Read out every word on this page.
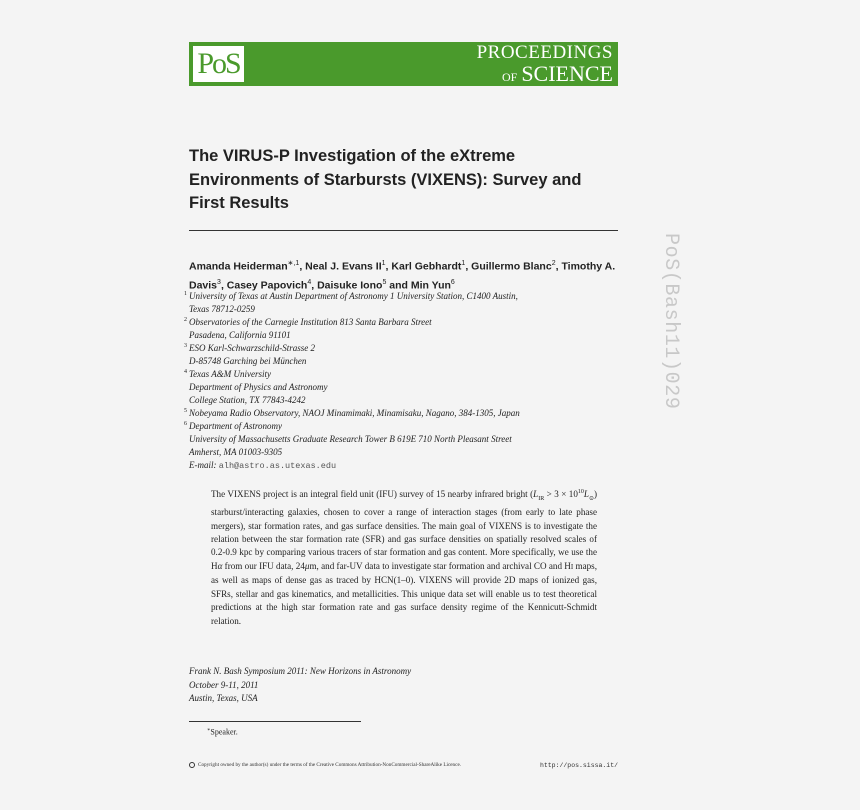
PoS	PROCEEDINGS
OF SCIENCE
The VIRUS-P Investigation of the eXtreme Environments of Starbursts (VIXENS): Survey and First Results
Amanda Heiderman$^{∗,1}$, Neal J. Evans $II^1$, Karl Gebhardt$^1$, Guillermo Blanc$^2$, Timothy A. Davis$^3$, Casey Papovich$^4$, Daisuke Iono$^5$ and Min Yun$^6$
1 University of Texas at Austin Department of Astronomy 1 University Station, C1400 Austin,
Texas 78712-0259
2 Observatories of the Carnegie Institution 813 Santa Barbara Street
Pasadena, California 91101
3 ESO Karl-Schwarzschild-Strasse 2
D-85748 Garching bei München
4 Texas A&M University
Department of Physics and Astronomy
College Station, TX 77843-4242
5 Nobeyama Radio Observatory, NAOJ Minamimaki, Minamisaku, Nagano, 384-1305, Japan
6 Department of Astronomy
University of Massachusetts Graduate Research Tower B 619E 710 North Pleasant Street
Amherst, MA 01003-9305
E-mail: alh@astro.as.utexas.edu
The VIXENS project is an integral field unit (IFU) survey of 15 nearby infrared bright $(L_{IR} > 3 \times 10^{10}L_⊙)$ starburst/interacting galaxies, chosen to cover a range of interaction stages (from early to late phase mergers), star formation rates, and gas surface densities. The main goal of VIXENS is to investigate the relation between the star formation rate (SFR) and gas surface densities on spatially resolved scales of 0.2-0.9 kpc by comparing various tracers of star formation and gas content. More specifically, we use the Hα from our IFU data, 24μm, and far-UV data to investigate star formation and archival CO and HI maps, as well as maps of dense gas as traced by HCN(1–0). VIXENS will provide 2D maps of ionized gas, SFRs, stellar and gas kinematics, and metallicities. This unique data set will enable us to test theoretical predictions at the high star formation rate and gas surface density regime of the Kennicutt-Schmidt relation.
Frank N. Bash Symposium 2011: New Horizons in Astronomy
October 9-11, 2011
Austin, Texas, USA
∗Speaker.
Copyright owned by the author(s) under the terms of the Creative Commons Attribution-NonCommercial-ShareAlike Licence.	http://pos.sissa.it/
PoS(Bash11)029
